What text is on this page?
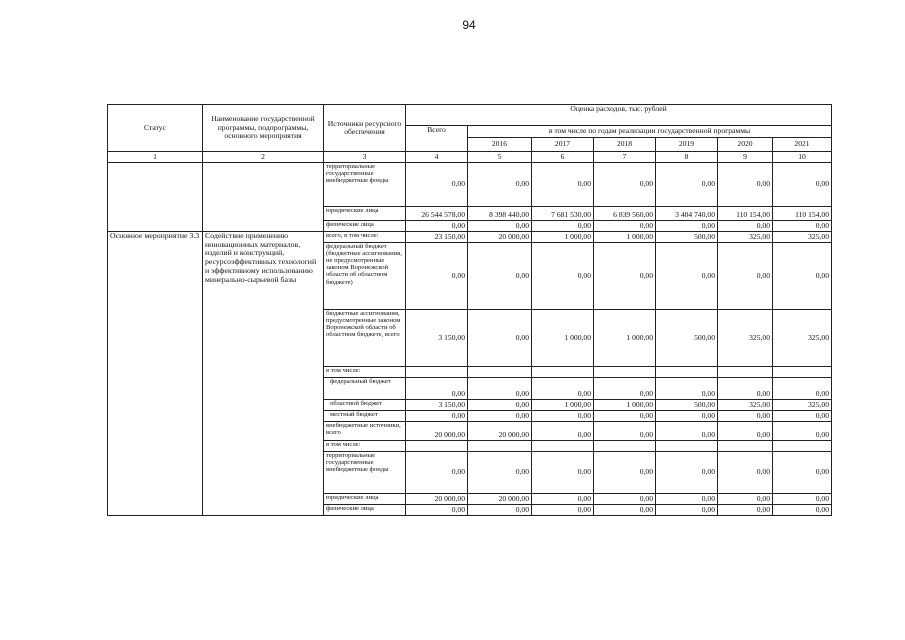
94
Статус	Наименование государственной программы, подпрограммы, основного мероприятия	Источники ресурсного обеспечения	Оценка расходов, тыс. рублей						
			Всего	в том числе по годам реализации государственной программы					
				2016	2017	2018	2019	2020	2021
1	2	3	4	5	6	7	8	9	10
		территориальные государственные внебюджетные фонды	0,00	0,00	0,00	0,00	0,00	0,00	0,00
		юридические лица	26 544 578,00	8 398 440,00	7 681 530,00	6 839 560,00	3 404 740,00	110 154,00	110 154,00
		физические лица	0,00	0,00	0,00	0,00	0,00	0,00	0,00
Основное мероприятие 3.3	Содействие применению инновационных материалов, изделий и конструкций, ресурсоэффективных технологий и эффективному использованию минерально-сырьевой базы	всего, в том числе:	23 150,00	20 000,00	1 000,00	1 000,00	500,00	325,00	325,00
		федеральный бюджет (бюджетные ассигнования, не предусмотренные законом Воронежской области об областном бюджете)	0,00	0,00	0,00	0,00	0,00	0,00	0,00
		бюджетные ассигнования, предусмотренные законом Воронежской области об областном бюджете, всего	3 150,00	0,00	1 000,00	1 000,00	500,00	325,00	325,00
		в том числе:							
		федеральный бюджет	0,00	0,00	0,00	0,00	0,00	0,00	0,00
		областной бюджет	3 150,00	0,00	1 000,00	1 000,00	500,00	325,00	325,00
		местный бюджет	0,00	0,00	0,00	0,00	0,00	0,00	0,00
		внебюджетные источники, всего	20 000,00	20 000,00	0,00	0,00	0,00	0,00	0,00
		в том числе:							
		территориальные государственные внебюджетные фонды	0,00	0,00	0,00	0,00	0,00	0,00	0,00
		юридические лица	20 000,00	20 000,00	0,00	0,00	0,00	0,00	0,00
		физические лица	0,00	0,00	0,00	0,00	0,00	0,00	0,00
